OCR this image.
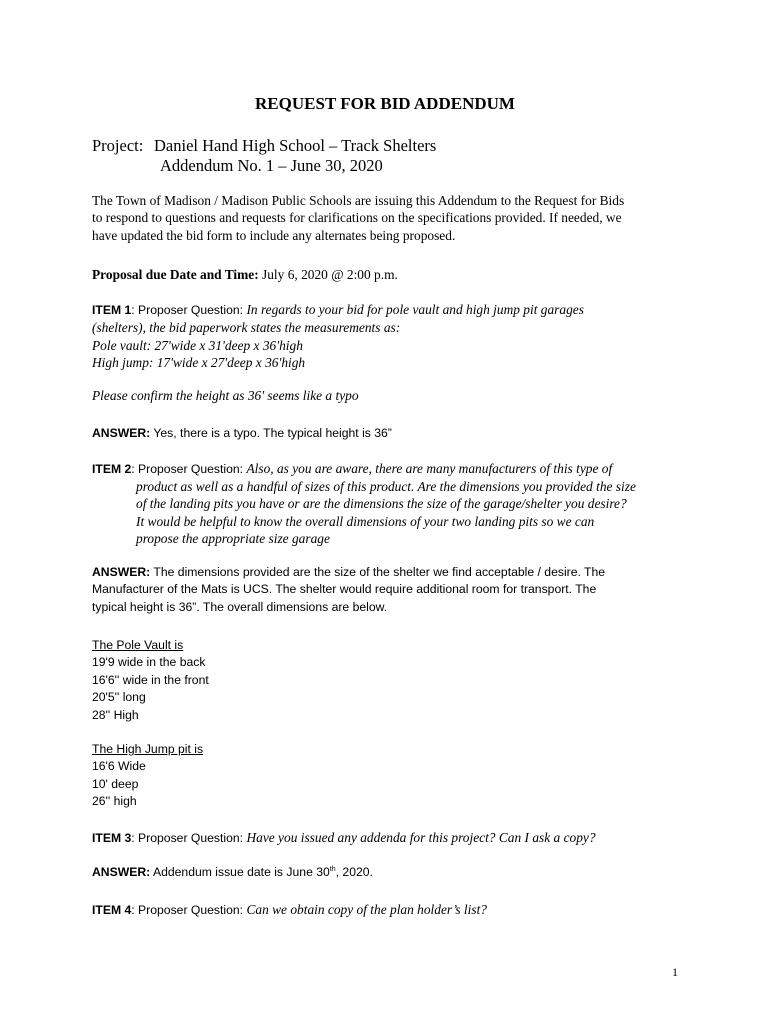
REQUEST FOR BID ADDENDUM
Project: Daniel Hand High School – Track Shelters
Addendum No. 1 – June 30, 2020
The Town of Madison / Madison Public Schools are issuing this Addendum to the Request for Bids
to respond to questions and requests for clarifications on the specifications provided. If needed, we
have updated the bid form to include any alternates being proposed.
Proposal due Date and Time: July 6, 2020 @ 2:00 p.m.
ITEM 1: Proposer Question: In regards to your bid for pole vault and high jump pit garages
(shelters), the bid paperwork states the measurements as:
Pole vault: 27'wide x 31'deep x 36'high
High jump: 17'wide x 27'deep x 36'high
Please confirm the height as 36' seems like a typo
ANSWER: Yes, there is a typo. The typical height is 36”
ITEM 2: Proposer Question: Also, as you are aware, there are many manufacturers of this type of
product as well as a handful of sizes of this product. Are the dimensions you provided the size
of the landing pits you have or are the dimensions the size of the garage/shelter you desire?
It would be helpful to know the overall dimensions of your two landing pits so we can
propose the appropriate size garage
ANSWER: The dimensions provided are the size of the shelter we find acceptable / desire. The
Manufacturer of the Mats is UCS. The shelter would require additional room for transport. The
typical height is 36”. The overall dimensions are below.
The Pole Vault is
19'9 wide in the back
16'6'' wide in the front
20'5'' long
28'' High
The High Jump pit is
16'6 Wide
10' deep
26'' high
ITEM 3: Proposer Question: Have you issued any addenda for this project? Can I ask a copy?
ANSWER: Addendum issue date is June 30th, 2020.
ITEM 4: Proposer Question: Can we obtain copy of the plan holder’s list?
1
